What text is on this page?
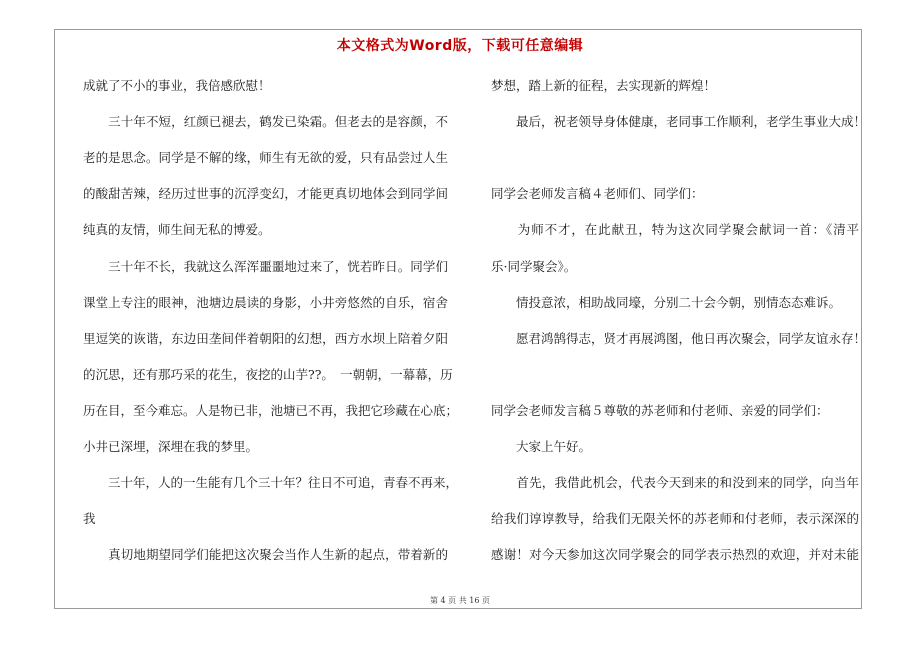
本文格式为Word版，下载可任意编辑
成就了不小的事业，我倍感欣慰！
　　三十年不短，红颜已褪去，鹤发已染霜。但老去的是容颜，不
老的是思念。同学是不解的缘，师生有无欲的爱，只有品尝过人生
的酸甜苦辣，经历过世事的沉浮变幻，才能更真切地体会到同学间
纯真的友情，师生间无私的博爱。
　　三十年不长，我就这么浑浑噩噩地过来了，恍若昨日。同学们
课堂上专注的眼神，池塘边晨读的身影，小井旁悠然的自乐，宿舍
里逗笑的诙谐，东边田垄间伴着朝阳的幻想，西方水坝上陪着夕阳
的沉思，还有那巧采的花生，夜挖的山芋??。　一朝朝，一幕幕，历
历在目，至今难忘。人是物已非，池塘已不再，我把它珍藏在心底；
小井已深埋，深埋在我的梦里。
　　三十年，人的一生能有几个三十年？往日不可追，青春不再来，
我
　　真切地期望同学们能把这次聚会当作人生新的起点，带着新的
梦想，踏上新的征程，去实现新的辉煌！
　　最后，祝老领导身体健康，老同事工作顺利，老学生事业大成！
同学会老师发言稿４老师们、同学们：
　　为师不才，在此献丑，特为这次同学聚会献词一首：《清平
乐·同学聚会》。
　　情投意浓，相助战同壕，分别二十会今朝，别情态态难诉。
　　愿君鸿鹄得志，贤才再展鸿图，他日再次聚会，同学友谊永存！
同学会老师发言稿５尊敬的苏老师和付老师、亲爱的同学们：
　　大家上午好。
　　首先，我借此机会，代表今天到来的和没到来的同学，向当年
给我们谆谆教导，给我们无限关怀的苏老师和付老师，表示深深的
感谢！对今天参加这次同学聚会的同学表示热烈的欢迎，并对未能
第 4 页 共 16 页
